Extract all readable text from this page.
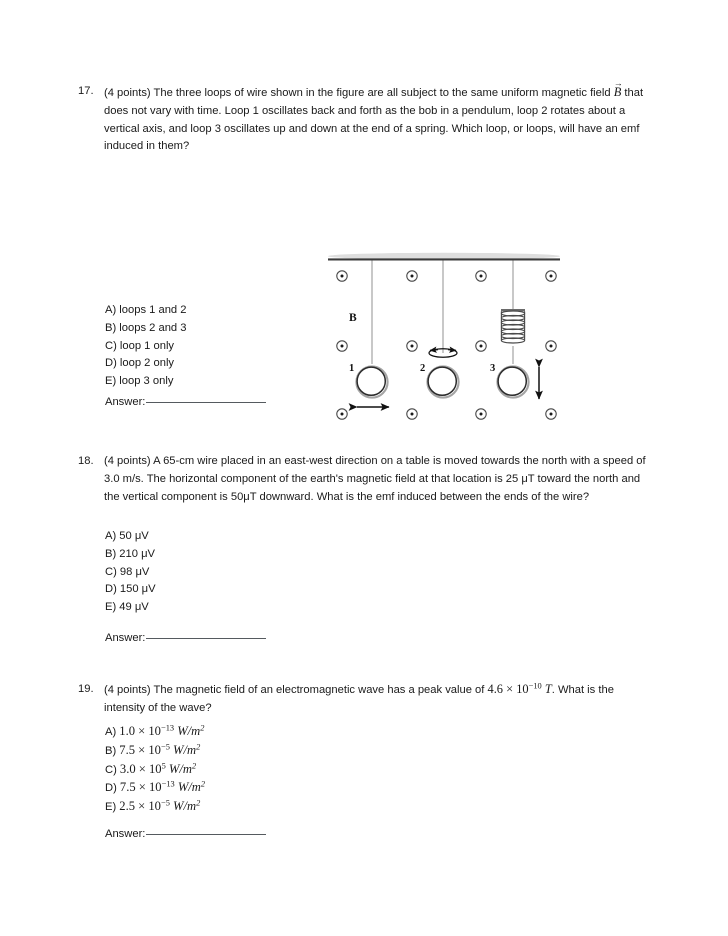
17. (4 points) The three loops of wire shown in the figure are all subject to the same uniform magnetic field
→
B that does not vary with time. Loop 1 oscillates back and forth as the bob in a pendulum, loop 2 rotates about a vertical axis, and loop 3 oscillates up and down at the end of a spring. Which loop, or loops, will have an emf induced in them?

B
1	2	3
A) loops 1 and 2
B) loops 2 and 3
C) loop 1 only
D) loop 2 only
E) loop 3 only
Answer:
18. (4 points) A 65-cm wire placed in an east-west direction on a table is moved towards the north with a speed of 3.0 m/s. The horizontal component of the earth's magnetic field at that location is 25 μT toward the north and the vertical component is 50μT downward. What is the emf induced between the ends of the wire?

A) 50 μV
B) 210 μV
C) 98 μV
D) 150 μV
E) 49 μV
Answer:
19. (4 points) The magnetic field of an electromagnetic wave has a peak value of $4.6 \times 10^{-10}$ T. What is the intensity of the wave?

A) $1.0 \times 10^{-13}$ $W/m^2$
B) $7.5 \times 10^{-5}$ $W/m^2$
C) $3.0 \times 10^5$ $W/m^2$
D) $7.5 \times 10^{-13}$ $W/m^2$
E) $2.5 \times 10^{-5}$ $W/m^2$
Answer:
